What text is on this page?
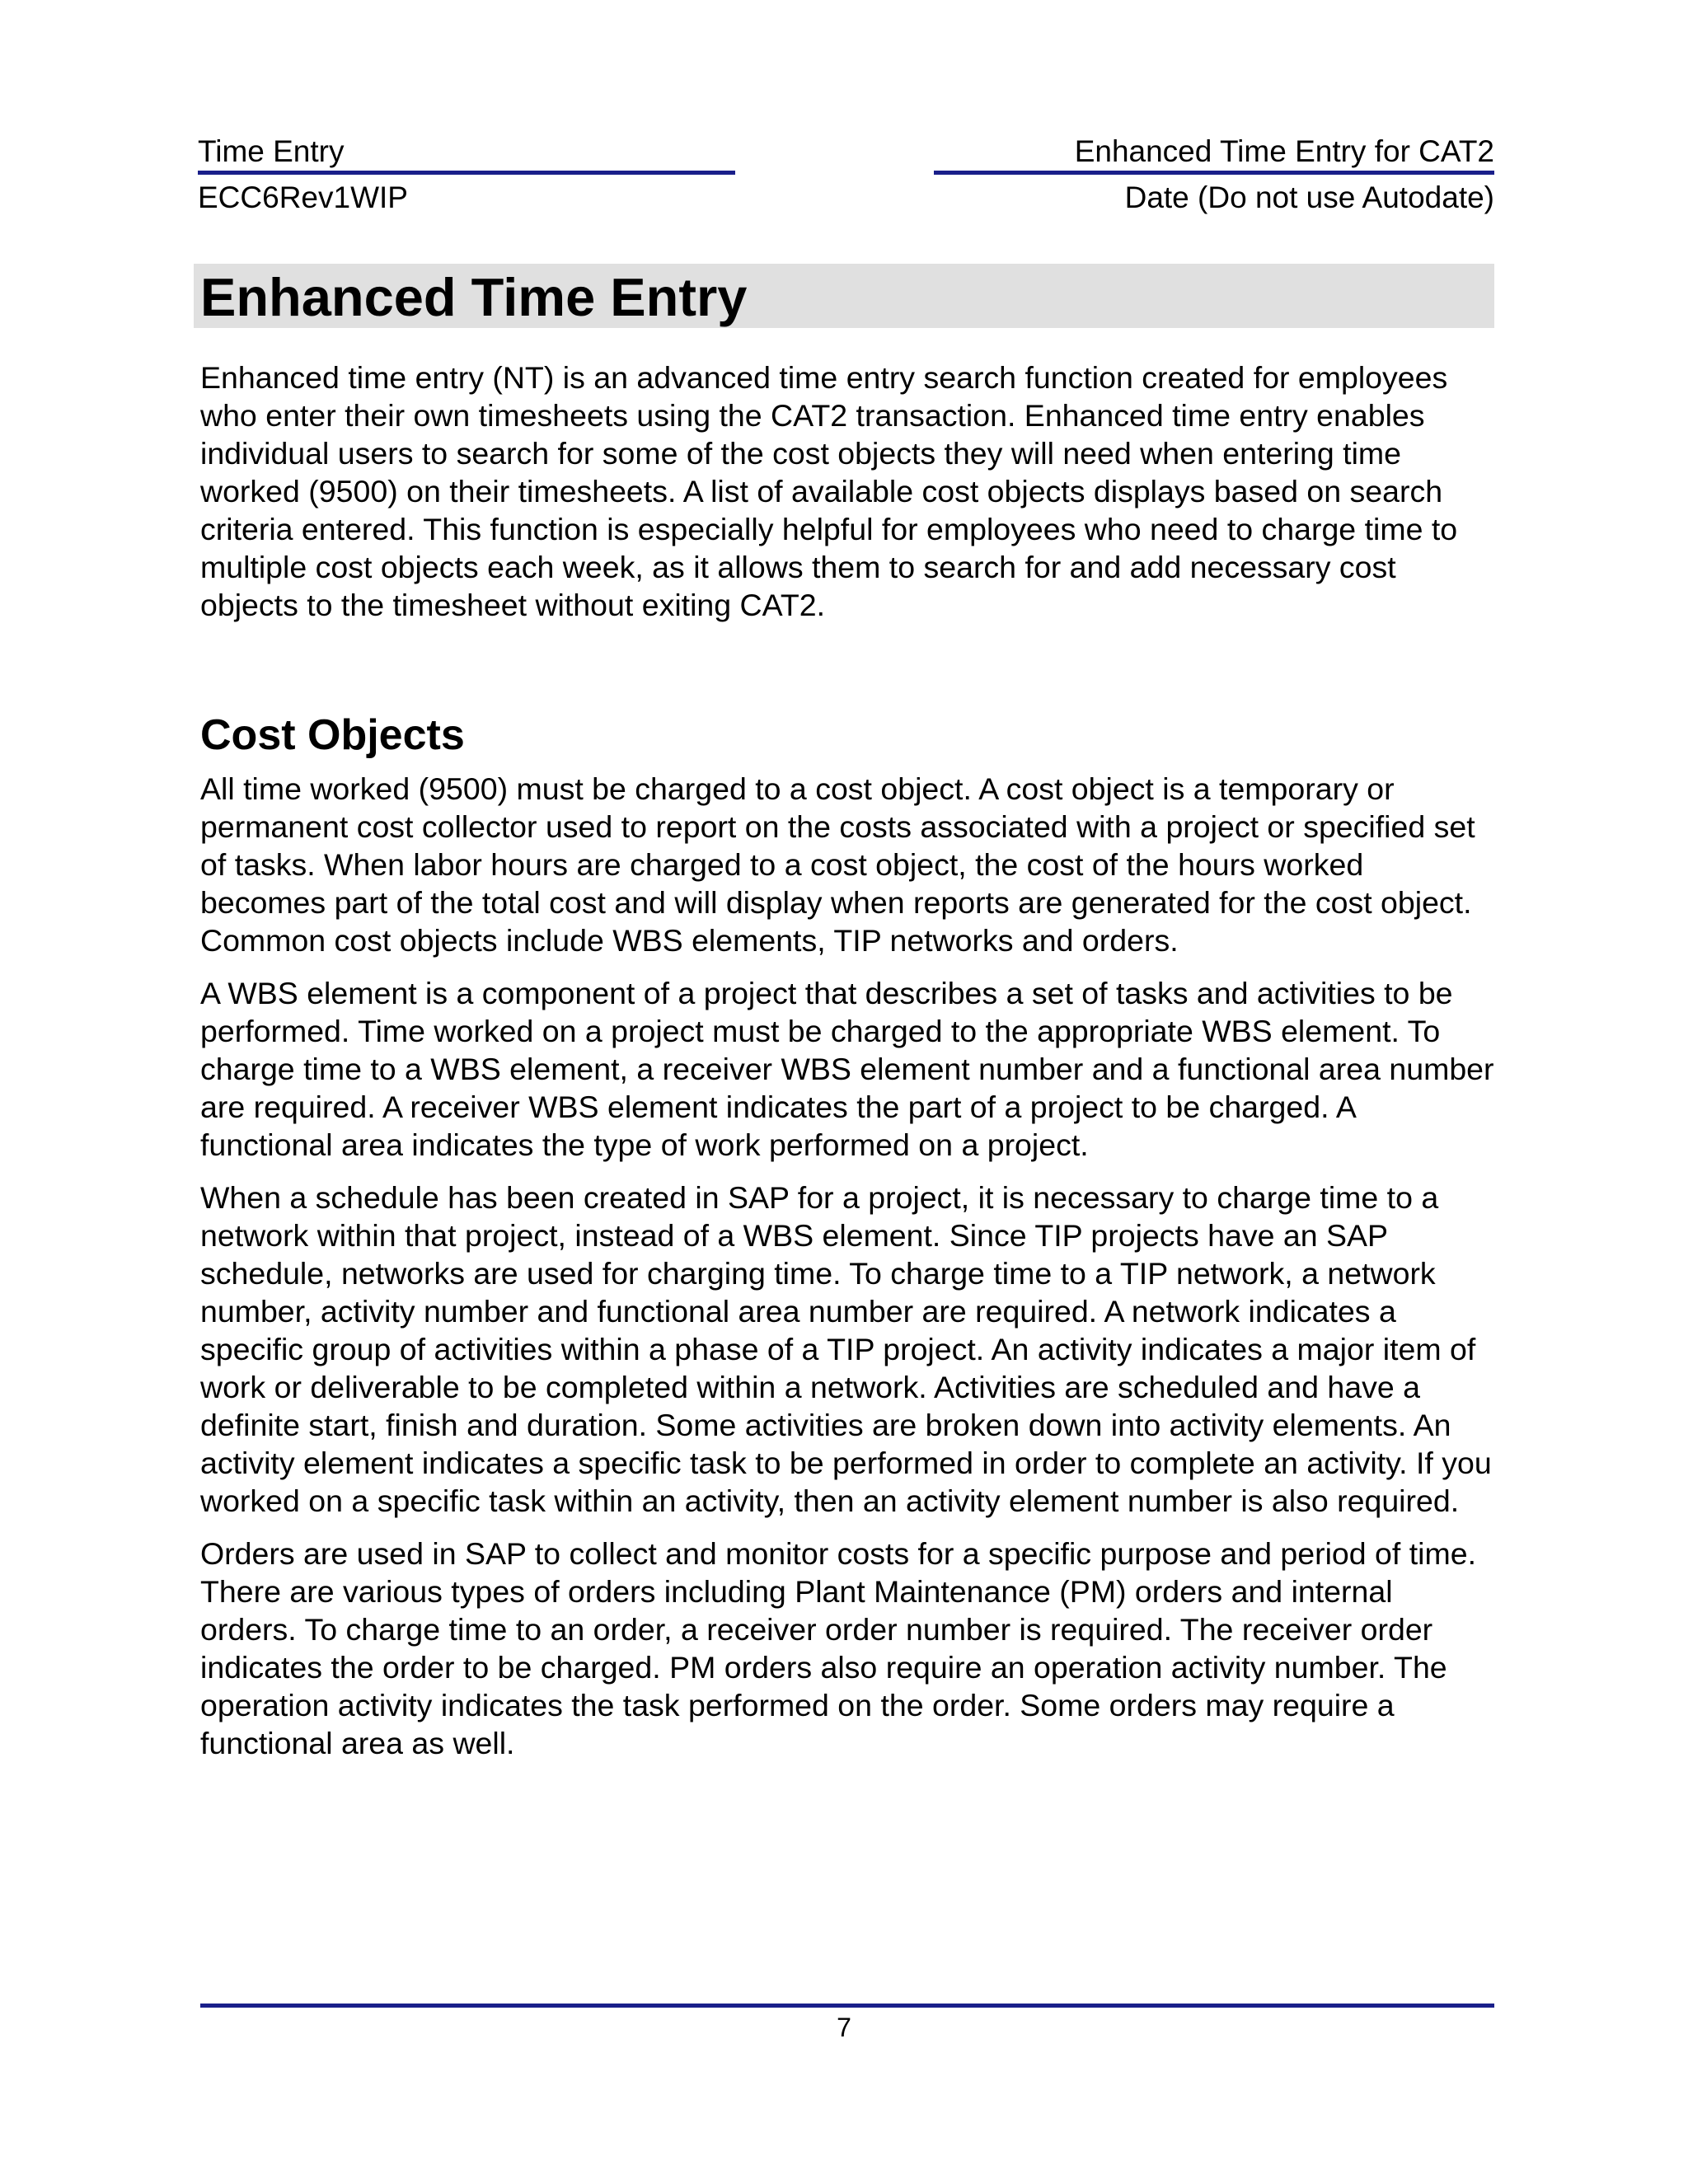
Time Entry	Enhanced Time Entry for CAT2
ECC6Rev1WIP	Date (Do not use Autodate)
Enhanced Time Entry

Enhanced time entry (NT) is an advanced time entry search function created for employees who enter their own timesheets using the CAT2 transaction. Enhanced time entry enables individual users to search for some of the cost objects they will need when entering time worked (9500) on their timesheets. A list of available cost objects displays based on search criteria entered. This function is especially helpful for employees who need to charge time to multiple cost objects each week, as it allows them to search for and add necessary cost objects to the timesheet without exiting CAT2.

Cost Objects

All time worked (9500) must be charged to a cost object. A cost object is a temporary or permanent cost collector used to report on the costs associated with a project or specified set of tasks. When labor hours are charged to a cost object, the cost of the hours worked becomes part of the total cost and will display when reports are generated for the cost object. Common cost objects include WBS elements, TIP networks and orders.

A WBS element is a component of a project that describes a set of tasks and activities to be performed. Time worked on a project must be charged to the appropriate WBS element. To charge time to a WBS element, a receiver WBS element number and a functional area number are required. A receiver WBS element indicates the part of a project to be charged. A functional area indicates the type of work performed on a project.

When a schedule has been created in SAP for a project, it is necessary to charge time to a network within that project, instead of a WBS element. Since TIP projects have an SAP schedule, networks are used for charging time. To charge time to a TIP network, a network number, activity number and functional area number are required. A network indicates a specific group of activities within a phase of a TIP project. An activity indicates a major item of work or deliverable to be completed within a network. Activities are scheduled and have a definite start, finish and duration. Some activities are broken down into activity elements. An activity element indicates a specific task to be performed in order to complete an activity. If you worked on a specific task within an activity, then an activity element number is also required.

Orders are used in SAP to collect and monitor costs for a specific purpose and period of time. There are various types of orders including Plant Maintenance (PM) orders and internal orders. To charge time to an order, a receiver order number is required. The receiver order indicates the order to be charged. PM orders also require an operation activity number. The operation activity indicates the task performed on the order. Some orders may require a functional area as well.

7
